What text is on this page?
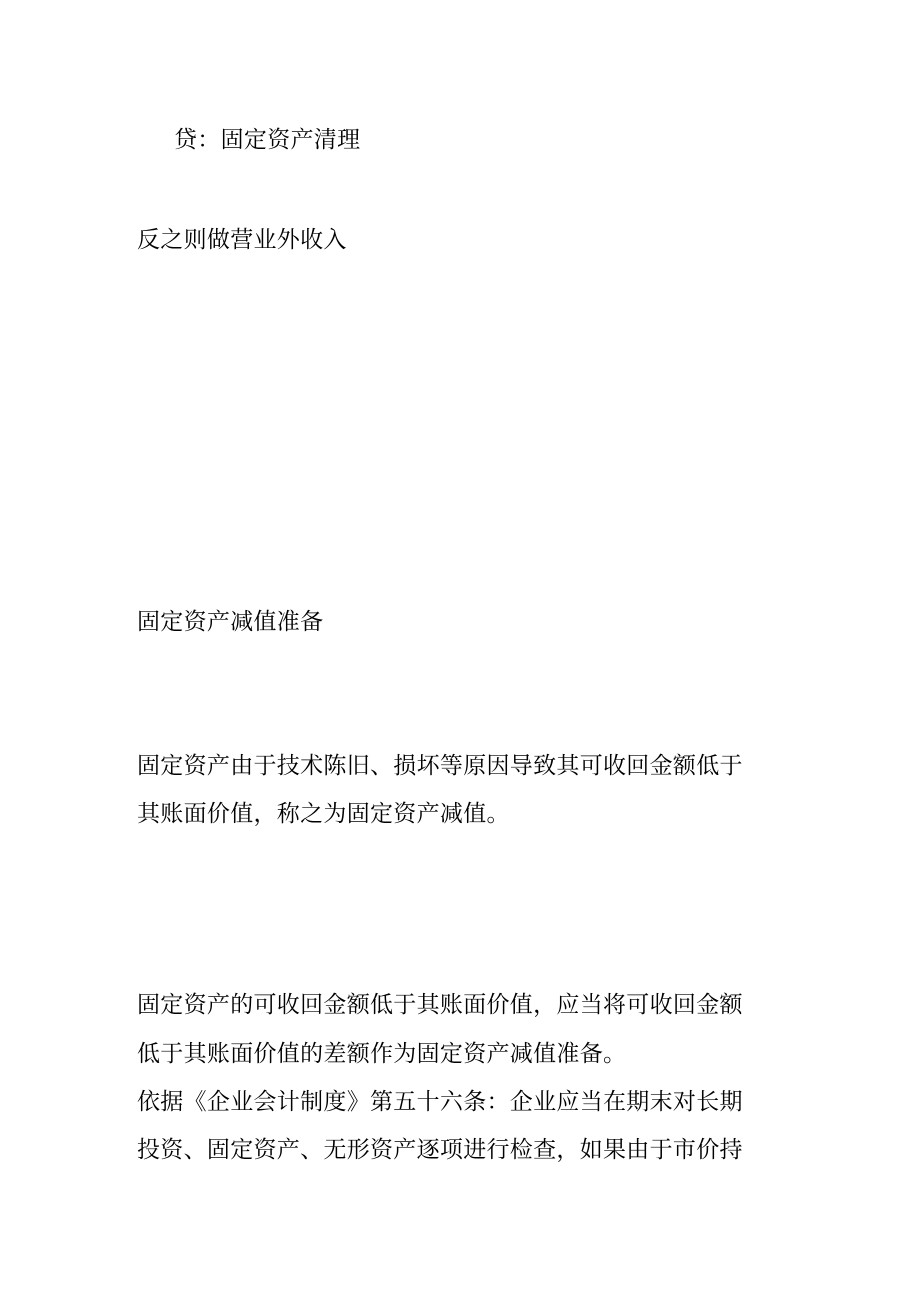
贷：固定资产清理
反之则做营业外收入
固定资产减值准备
固定资产由于技术陈旧、损坏等原因导致其可收回金额低于
其账面价值，称之为固定资产减值。
固定资产的可收回金额低于其账面价值，应当将可收回金额
低于其账面价值的差额作为固定资产减值准备。
依据《企业会计制度》第五十六条：企业应当在期末对长期
投资、固定资产、无形资产逐项进行检查，如果由于市价持
